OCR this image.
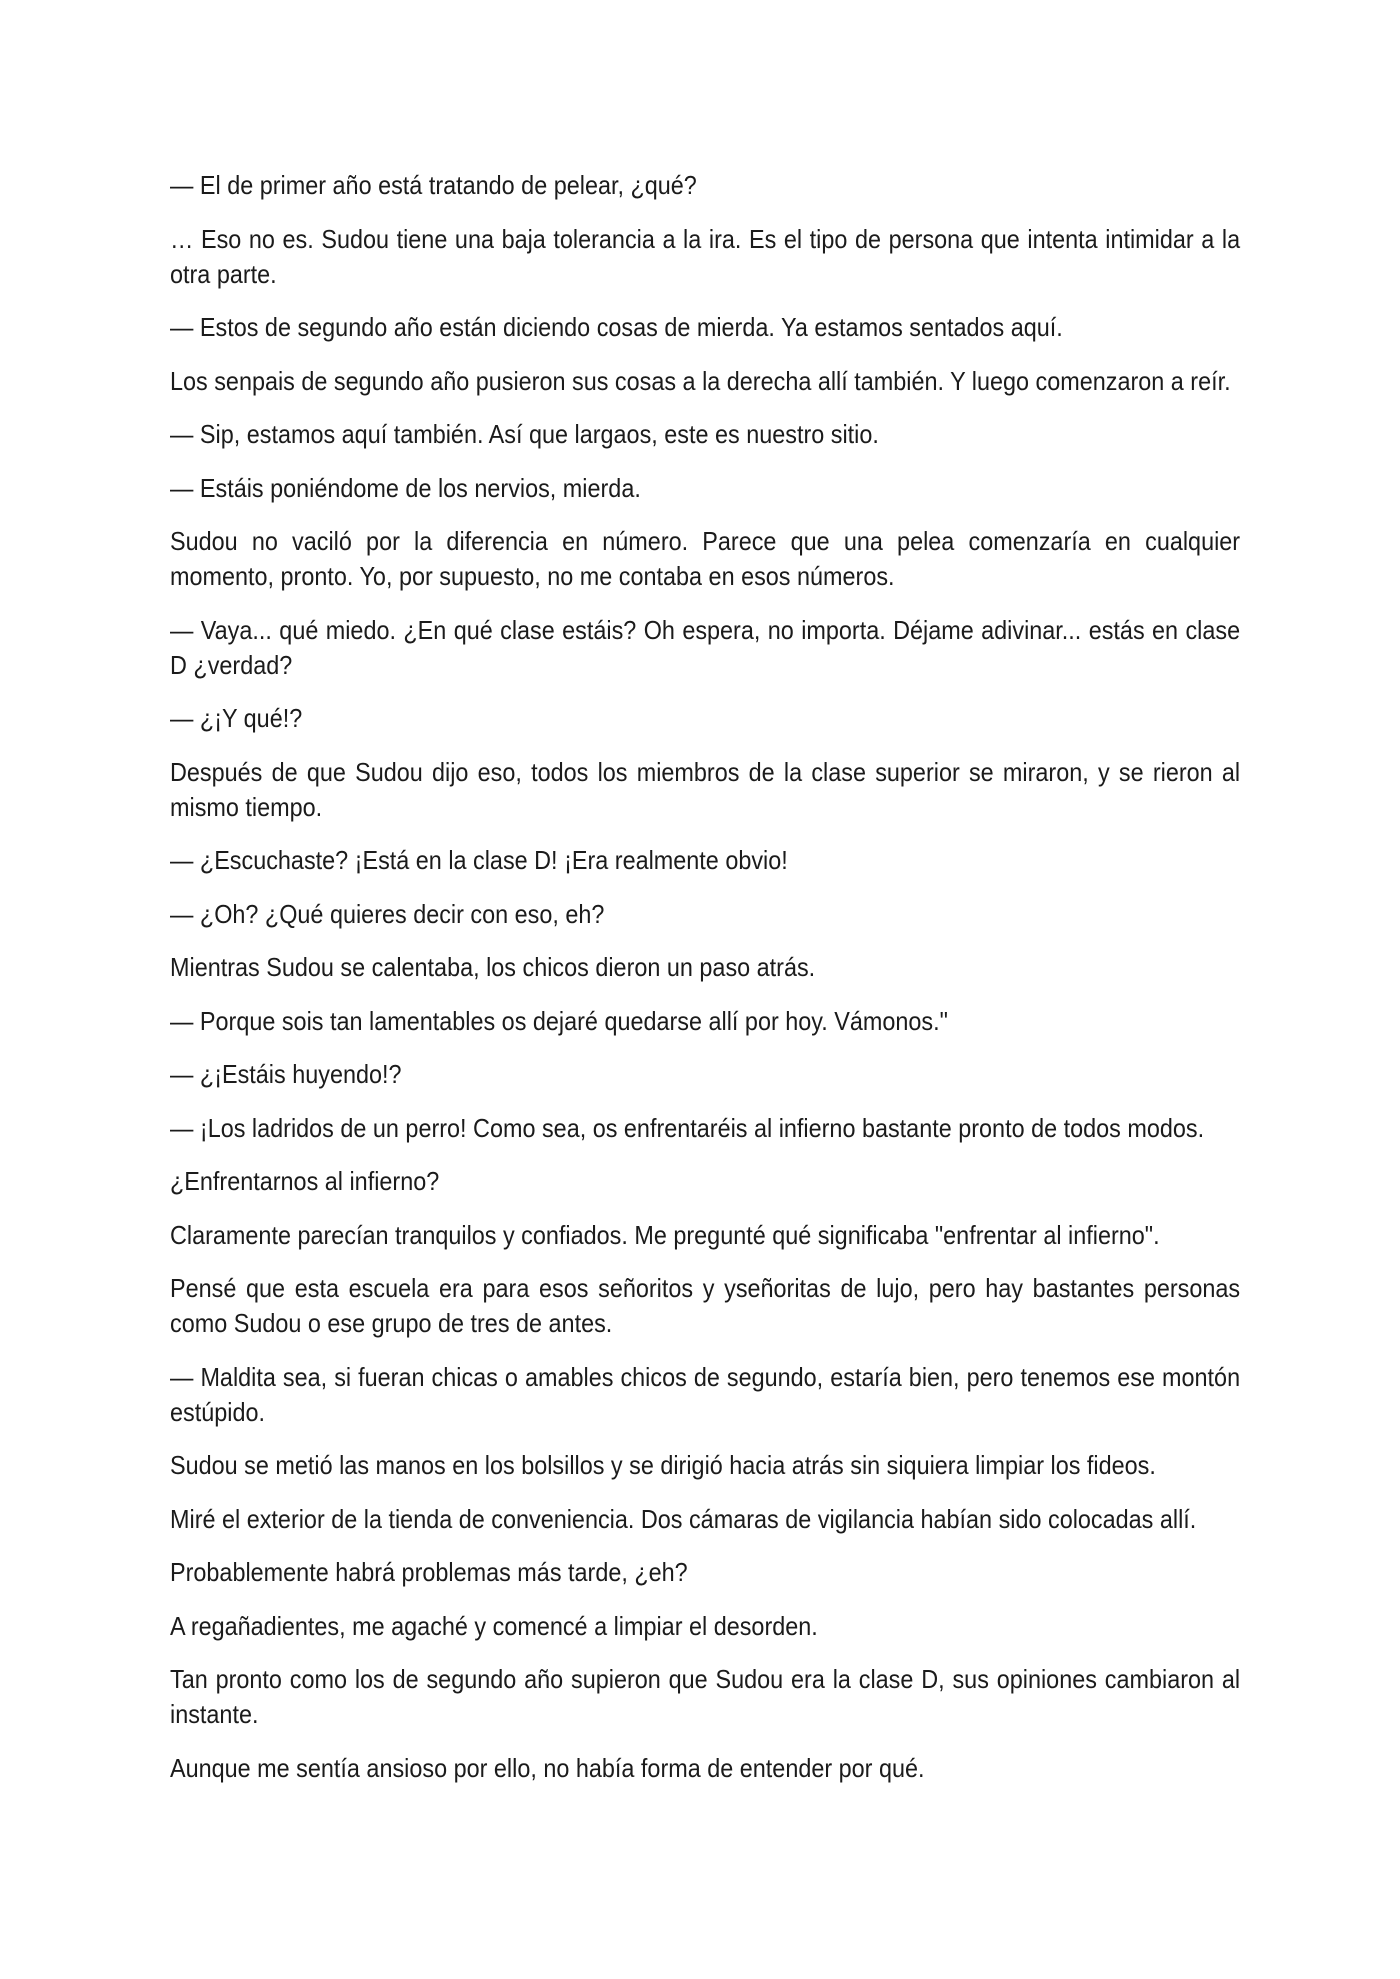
— El de primer año está tratando de pelear, ¿qué?

… Eso no es. Sudou tiene una baja tolerancia a la ira. Es el tipo de persona que intenta intimidar a la otra parte.

— Estos de segundo año están diciendo cosas de mierda. Ya estamos sentados aquí.

Los senpais de segundo año pusieron sus cosas a la derecha allí también. Y luego comenzaron a reír.

— Sip, estamos aquí también. Así que largaos, este es nuestro sitio.

— Estáis poniéndome de los nervios, mierda.

Sudou no vaciló por la diferencia en número. Parece que una pelea comenzaría en cualquier momento, pronto. Yo, por supuesto, no me contaba en esos números.

— Vaya... qué miedo. ¿En qué clase estáis? Oh espera, no importa. Déjame adivinar... estás en clase D ¿verdad?

— ¿¡Y qué!?

Después de que Sudou dijo eso, todos los miembros de la clase superior se miraron, y se rieron al mismo tiempo.

— ¿Escuchaste? ¡Está en la clase D! ¡Era realmente obvio!

— ¿Oh? ¿Qué quieres decir con eso, eh?

Mientras Sudou se calentaba, los chicos dieron un paso atrás.

— Porque sois tan lamentables os dejaré quedarse allí por hoy. Vámonos."

— ¿¡Estáis huyendo!?

— ¡Los ladridos de un perro! Como sea, os enfrentaréis al infierno bastante pronto de todos modos.

¿Enfrentarnos al infierno?

Claramente parecían tranquilos y confiados. Me pregunté qué significaba "enfrentar al infierno".

Pensé que esta escuela era para esos señoritos y yseñoritas de lujo, pero hay bastantes personas como Sudou o ese grupo de tres de antes.

— Maldita sea, si fueran chicas o amables chicos de segundo, estaría bien, pero tenemos ese montón estúpido.

Sudou se metió las manos en los bolsillos y se dirigió hacia atrás sin siquiera limpiar los fideos.

Miré el exterior de la tienda de conveniencia. Dos cámaras de vigilancia habían sido colocadas allí.

Probablemente habrá problemas más tarde, ¿eh?

A regañadientes, me agaché y comencé a limpiar el desorden.

Tan pronto como los de segundo año supieron que Sudou era la clase D, sus opiniones cambiaron al instante.

Aunque me sentía ansioso por ello, no había forma de entender por qué.
